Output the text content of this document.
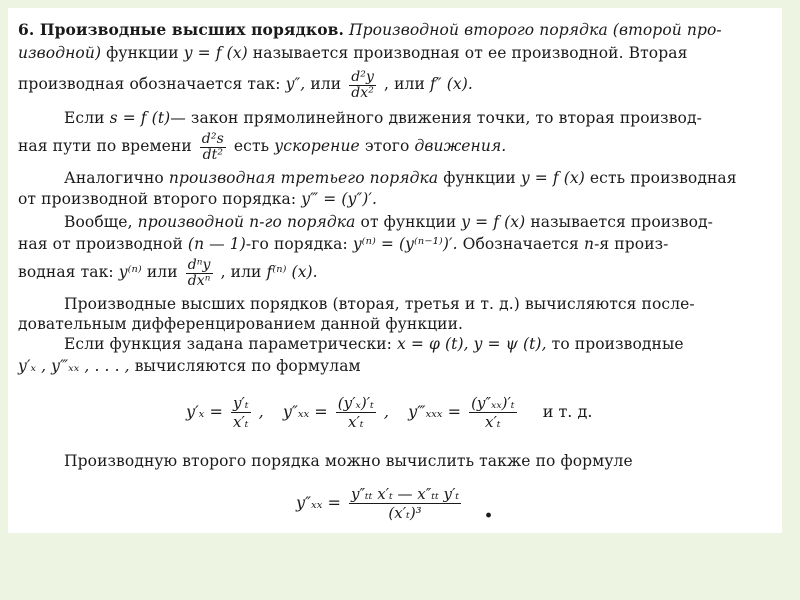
6. Производные высших порядков. Производной второго порядка (второй про-
изводной) функции y = f (x) называется производная от ее производной. Вторая
производная обозначается так: y″, или $\frac{\text{d²y}}{\text{dx²}}$ , или f″ (x).
Если s = f (t)— закон прямолинейного движения точки, то вторая производ-
ная пути по времени $\frac{\text{d²s}}{\text{dt²}}$ есть ускорение этого движения.
Аналогично производная третьего порядка функции y = f (x) есть производная
от производной второго порядка: y‴ = (y″)′.
Вообще, производной n-го порядка от функции y = f (x) называется производ-
ная от производной (n — 1)-го порядка: y⁽ⁿ⁾ = (y⁽ⁿ⁻¹⁾)′. Обозначается n-я произ-
водная так: y⁽ⁿ⁾ или $\frac{\text{dⁿy}}{\text{dxⁿ}}$ , или f⁽ⁿ⁾ (x).
Производные высших порядков (вторая, третья и т. д.) вычисляются после-
довательным дифференцированием данной функции.
Если функция задана параметрически: x = φ (t), y = ψ (t), то производные
y′ₓ , y‴ₓₓ , . . . , вычисляются по формулам
$y'_x = \frac{\text{y′ₜ}}{\text{x′ₜ}}$ , $y''_{xx} = \frac{\text{(y′ₓ)′ₜ}}{\text{x′ₜ}}$ , y‴ₓₓₓ = $\frac{\text{(y″ₓₓ)′ₜ}}{\text{x′ₜ}}$ и т. д.
Производную второго порядка можно вычислить также по формуле
$y''_{xx} = \frac{\text{y″ₜₜ x′ₜ — x″ₜₜ y′ₜ}}{\text{(x′ₜ)³}}$ .
